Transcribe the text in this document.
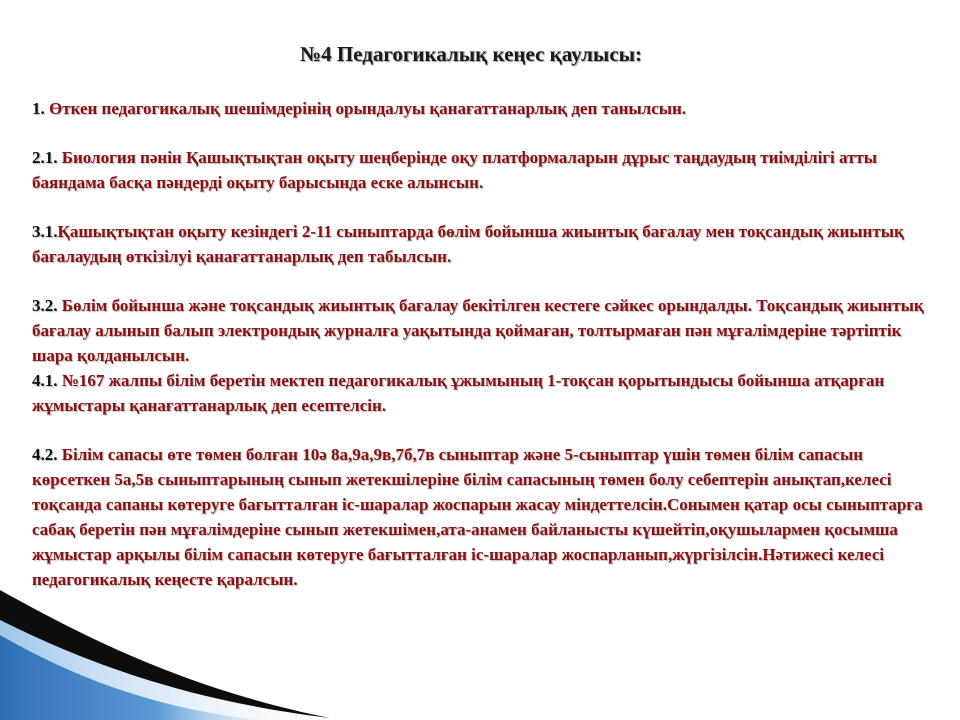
№4 Педагогикалық кеңес қаулысы:
1. Өткен педагогикалық шешімдерінің орындалуы қанағаттанарлық деп танылсын.
2.1. Биология пәнін Қашықтықтан оқыту шеңберінде оқу платформаларын дұрыс таңдаудың тиімділігі атты баяндама басқа пәндерді оқыту барысында еске алынсын.
3.1.Қашықтықтан оқыту кезіндегі 2-11 сыныптарда бөлім бойынша жиынтық бағалау мен тоқсандық жиынтық бағалаудың өткізілуі қанағаттанарлық деп табылсын.
3.2. Бөлім бойынша және тоқсандық жиынтық бағалау бекітілген кестеге сәйкес орындалды. Тоқсандық жиынтық бағалау алынып балып электрондық журналға уақытында қоймаған, толтырмаған пән мұғалімдеріне тәртіптік шара қолданылсын.
4.1. №167 жалпы білім беретін мектеп педагогикалық ұжымының 1-тоқсан қорытындысы бойынша атқарған жұмыстары қанағаттанарлық деп есептелсін.
4.2. Білім сапасы өте төмен болған 10ә 8а,9а,9в,7б,7в сыныптар және 5-сыныптар үшін төмен білім сапасын көрсеткен 5а,5в сыныптарының сынып жетекшілеріне білім сапасының төмен болу себептерін анықтап,келесі тоқсанда сапаны көтеруге бағытталған іс-шаралар жоспарын жасау міндеттелсін.Сонымен қатар осы сыныптарға сабақ беретін пән мұғалімдеріне сынып жетекшімен,ата-анамен байланысты күшейтіп,оқушылармен қосымша жұмыстар арқылы білім сапасын көтеруге бағытталған іс-шаралар жоспарланып,жүргізілсін.Нәтижесі келесі педагогикалық кеңесте қаралсын.
